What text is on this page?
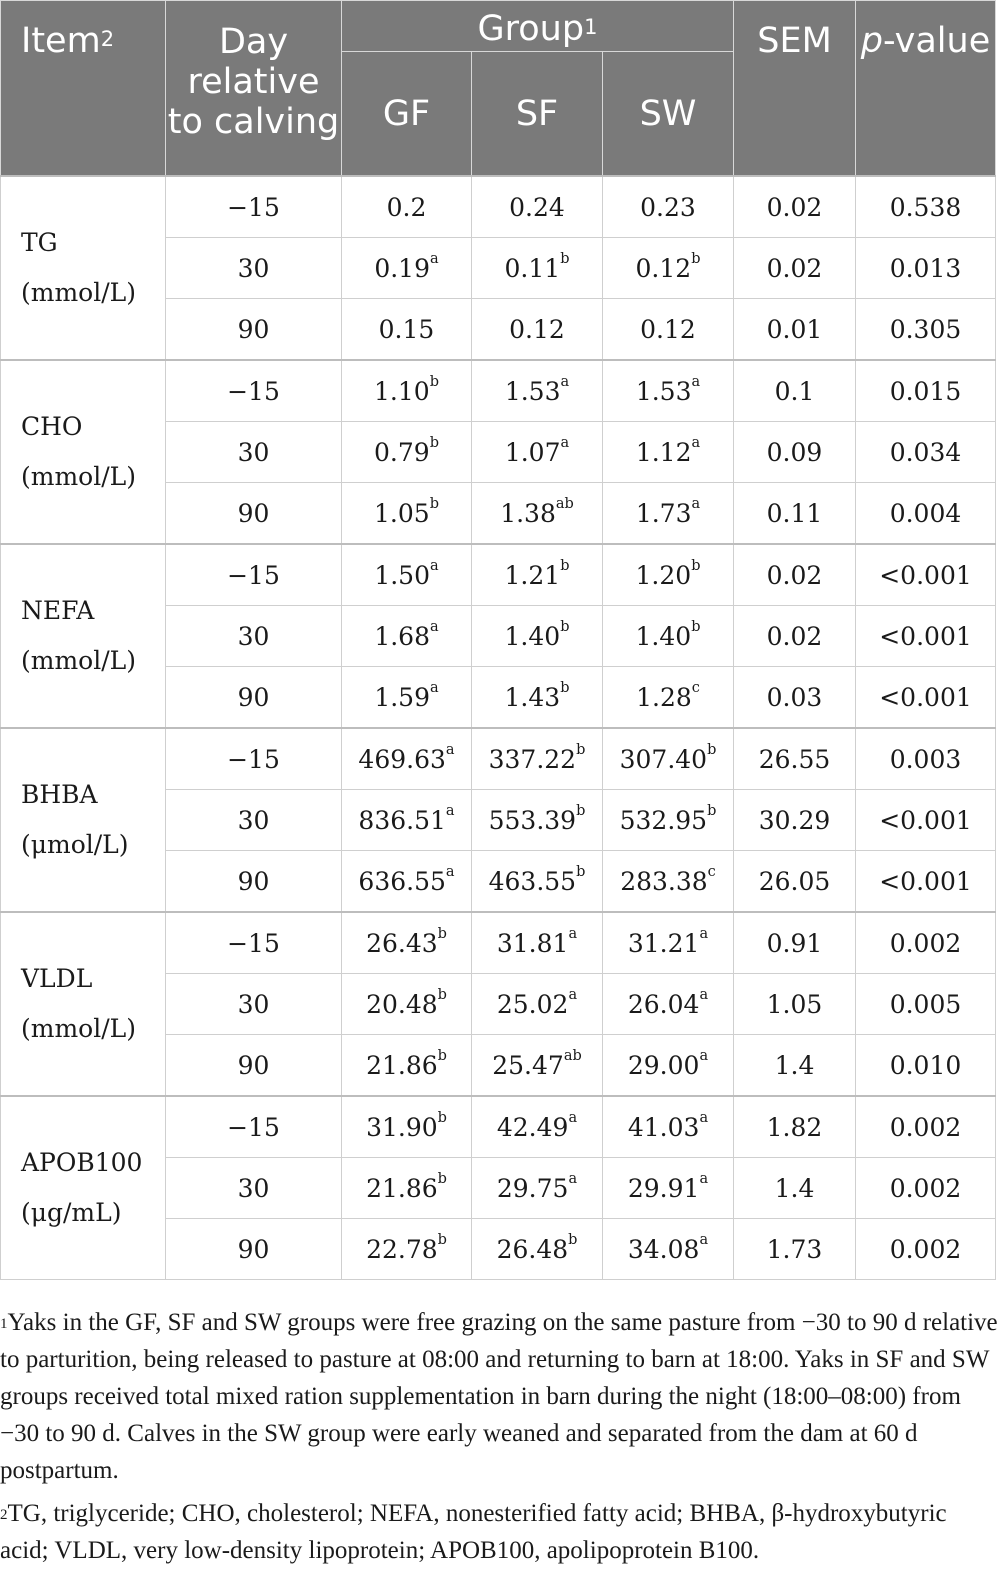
Item$^2$	Day relative to calving	Group$^1$			SEM	p-value
		GF	SF	SW		
TG
(mmol/L)	−15	0.2	0.24	0.23	0.02	0.538
	30	0.19$^a$	0.11$^b$	0.12$^b$	0.02	0.013
	90	0.15	0.12	0.12	0.01	0.305
CHO
(mmol/L)	−15	1.10$^b$	1.53$^a$	1.53$^a$	0.1	0.015
	30	0.79$^b$	1.07$^a$	1.12$^a$	0.09	0.034
	90	1.05$^b$	1.38$^{ab}$	1.73$^a$	0.11	0.004
NEFA
(mmol/L)	−15	1.50$^a$	1.21$^b$	1.20$^b$	0.02	<0.001
	30	1.68$^a$	1.40$^b$	1.40$^b$	0.02	<0.001
	90	1.59$^a$	1.43$^b$	1.28$^c$	0.03	<0.001
BHBA
(μmol/L)	−15	469.63$^a$	337.22$^b$	307.40$^b$	26.55	0.003
	30	836.51$^a$	553.39$^b$	532.95$^b$	30.29	<0.001
	90	636.55$^a$	463.55$^b$	283.38$^c$	26.05	<0.001
VLDL
(mmol/L)	−15	26.43$^b$	31.81$^a$	31.21$^a$	0.91	0.002
	30	20.48$^b$	25.02$^a$	26.04$^a$	1.05	0.005
	90	21.86$^b$	25.47$^{ab}$	29.00$^a$	1.4	0.010
APOB100
(μg/mL)	−15	31.90$^b$	42.49$^a$	41.03$^a$	1.82	0.002
	30	21.86$^b$	29.75$^a$	29.91$^a$	1.4	0.002
	90	22.78$^b$	26.48$^b$	34.08$^a$	1.73	0.002

$^1$Yaks in the GF, SF and SW groups were free grazing on the same pasture from −30 to 90 d relative to parturition, being released to pasture at 08:00 and returning to barn at 18:00. Yaks in SF and SW groups received total mixed ration supplementation in barn during the night (18:00–08:00) from −30 to 90 d. Calves in the SW group were early weaned and separated from the dam at 60 d postpartum.

$^2$TG, triglyceride; CHO, cholesterol; NEFA, nonesterified fatty acid; BHBA, β-hydroxybutyric acid; VLDL, very low-density lipoprotein; APOB100, apolipoprotein B100.
